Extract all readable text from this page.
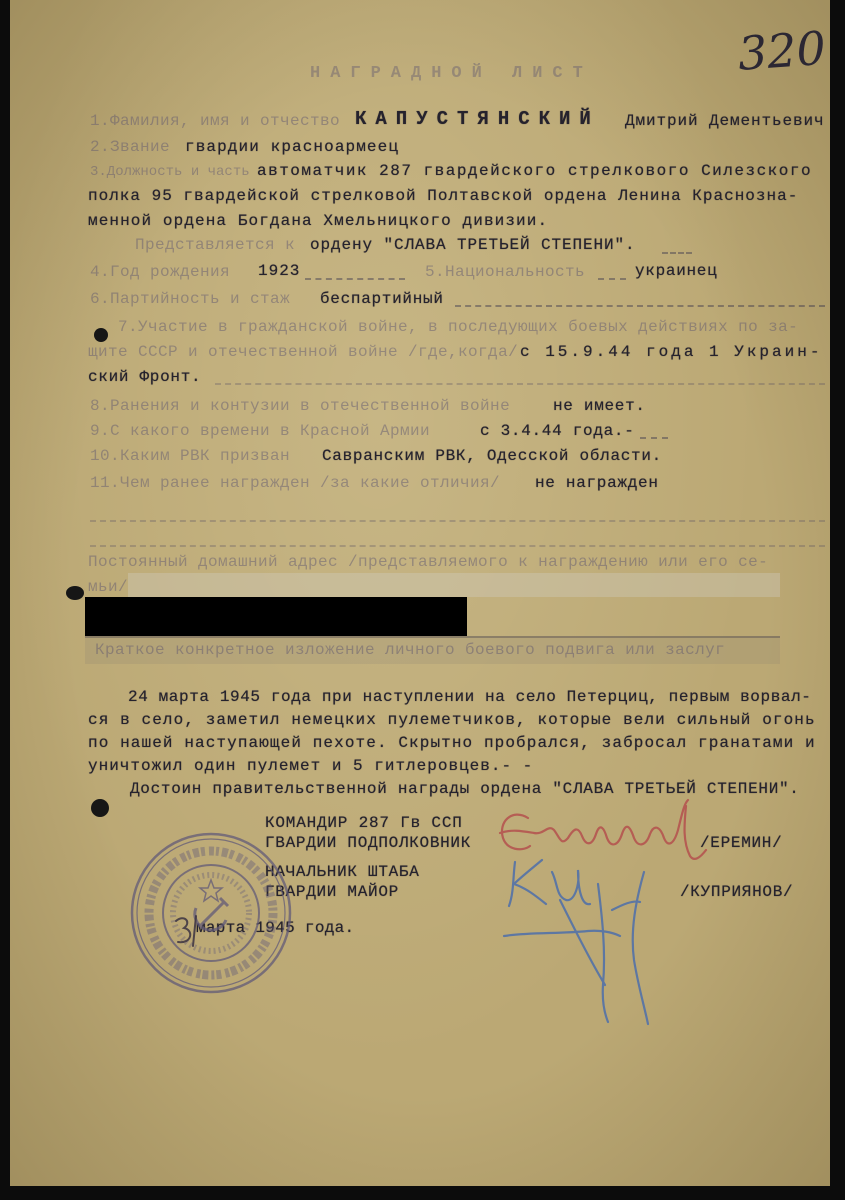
320
НАГРАДНОЙ ЛИСТ
1.Фамилия, имя и отчество КАПУСТЯНСКИЙ Дмитрий Дементьевич
2.Звание гвардии красноармеец
3.Должность и часть автоматчик 287 гвардейского стрелкового Силезского
полка 95 гвардейской стрелковой Полтавской ордена Ленина Краснозна-
менной ордена Богдана Хмельницкого дивизии.
Представляется к ордену "СЛАВА ТРЕТЬЕЙ СТЕПЕНИ".
4.Год рождения 1923	5.Национальность	украинец
6.Партийность и стаж беспартийный
7.Участие в гражданской войне, в последующих боевых действиях по за-
щите СССР и отечественной войне /где,когда/ с 15.9.44 года 1 Украин-
ский Фронт.
8.Ранения и контузии в отечественной войне	не имеет.
9.С какого времени в Красной Армии	с 3.4.44 года.-
10.Каким РВК призван Савранским РВК, Одесской области.
11.Чем ранее награжден /за какие отличия/ не награжден
Постоянный домашний адрес /представляемого к награждению или его се-
мьи/
Краткое конкретное изложение личного боевого подвига или заслуг
24 марта 1945 года при наступлении на село Петерциц, первым ворвал-
ся в село, заметил немецких пулеметчиков, которые вели сильный огонь
по нашей наступающей пехоте. Скрытно пробрался, забросал гранатами и
уничтожил один пулемет и 5 гитлеровцев.- -
Достоин правительственной награды ордена "СЛАВА ТРЕТЬЕЙ СТЕПЕНИ".
КОМАНДИР 287 Гв ССП
ГВАРДИИ ПОДПОЛКОВНИК	/ЕРЕМИН/
НАЧАЛЬНИК ШТАБА
ГВАРДИИ МАЙОР	/КУПРИЯНОВ/
марта 1945 года.
